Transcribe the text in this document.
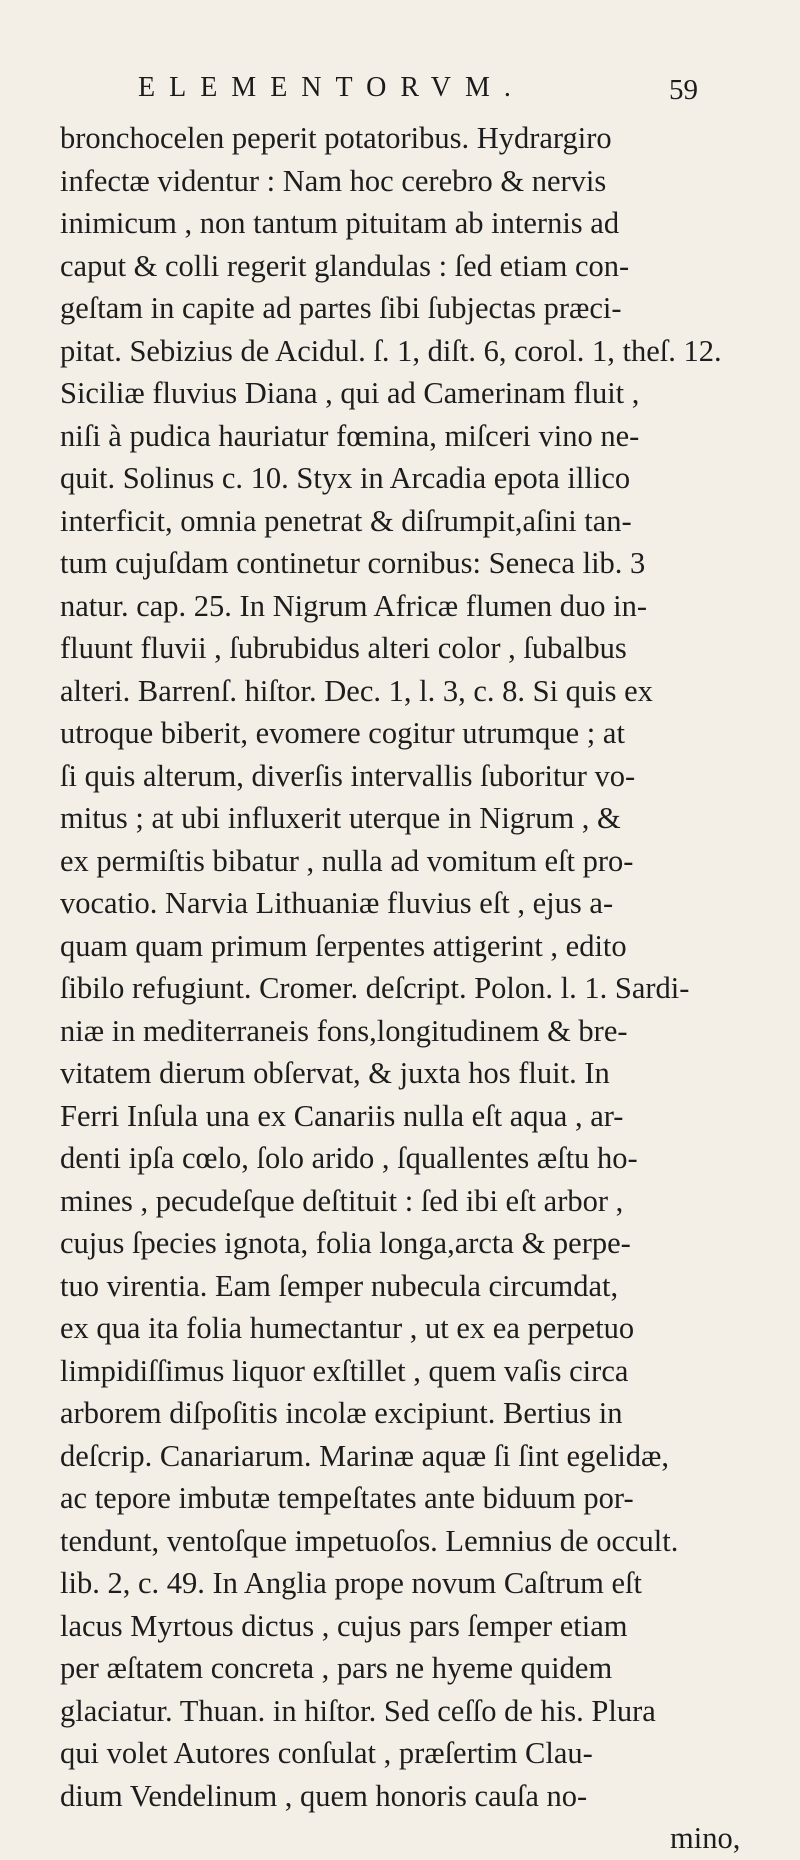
ELEMENTORVM.	59
bronchocelen peperit potatoribus. Hydrargiro
infectæ videntur : Nam hoc cerebro & nervis
inimicum , non tantum pituitam ab internis ad
caput & colli regerit glandulas : ſed etiam con-
geſtam in capite ad partes ſibi ſubjectas præci-
pitat. Sebizius de Acidul. ſ. 1, diſt. 6, corol. 1, theſ. 12.
Siciliæ fluvius Diana , qui ad Camerinam fluit ,
niſi à pudica hauriatur fœmina, miſceri vino ne-
quit. Solinus c. 10. Styx in Arcadia epota illico
interficit, omnia penetrat & diſrumpit,aſini tan-
tum cujuſdam continetur cornibus: Seneca lib. 3
natur. cap. 25. In Nigrum Africæ flumen duo in-
fluunt fluvii , ſubrubidus alteri color , ſubalbus
alteri. Barrenſ. hiſtor. Dec. 1, l. 3, c. 8. Si quis ex
utroque biberit, evomere cogitur utrumque ; at
ſi quis alterum, diverſis intervallis ſuboritur vo-
mitus ; at ubi influxerit uterque in Nigrum , &
ex permiſtis bibatur , nulla ad vomitum eſt pro-
vocatio. Narvia Lithuaniæ fluvius eſt , ejus a-
quam quam primum ſerpentes attigerint , edito
ſibilo refugiunt. Cromer. deſcript. Polon. l. 1. Sardi-
niæ in mediterraneis fons,longitudinem & bre-
vitatem dierum obſervat, & juxta hos fluit. In
Ferri Inſula una ex Canariis nulla eſt aqua , ar-
denti ipſa cœlo, ſolo arido , ſquallentes æſtu ho-
mines , pecudeſque deſtituit : ſed ibi eſt arbor ,
cujus ſpecies ignota, folia longa,arcta & perpe-
tuo virentia. Eam ſemper nubecula circumdat,
ex qua ita folia humectantur , ut ex ea perpetuo
limpidiſſimus liquor exſtillet , quem vaſis circa
arborem diſpoſitis incolæ excipiunt. Bertius in
deſcrip. Canariarum. Marinæ aquæ ſi ſint egelidæ,
ac tepore imbutæ tempeſtates ante biduum por-
tendunt, ventoſque impetuoſos. Lemnius de occult.
lib. 2, c. 49. In Anglia prope novum Caſtrum eſt
lacus Myrtous dictus , cujus pars ſemper etiam
per æſtatem concreta , pars ne hyeme quidem
glaciatur. Thuan. in hiſtor. Sed ceſſo de his. Plura
qui volet Autores conſulat , præſertim Clau-
dium Vendelinum , quem honoris cauſa no-
mino,
